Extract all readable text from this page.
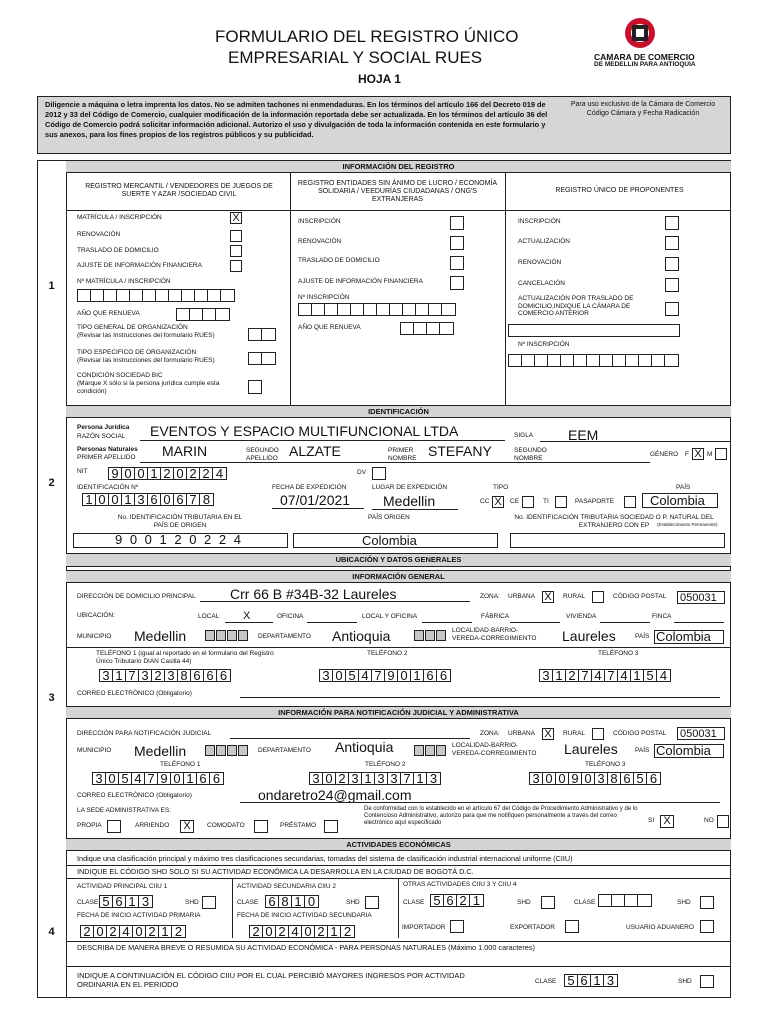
FORMULARIO DEL REGISTRO ÚNICO
EMPRESARIAL Y SOCIAL RUES
HOJA 1
CAMARA DE COMERCIO
DE MEDELLIN PARA ANTIOQUIA
Diligencie a máquina o letra imprenta los datos. No se admiten tachones ni enmendaduras. En los términos del artículo 166 del Decreto 019 de 2012 y 33 del Código de Comercio, cualquier modificación de la información reportada debe ser actualizada. En los términos del artículo 36 del Código de Comercio podrá solicitar información adicional. Autorizo el uso y divulgación de toda la información contenida en este formulario y sus anexos, para los fines propios de los registros públicos y su publicidad.
Para uso exclusivo de la Cámara de Comercio Código Cámara y Fecha Radicación
INFORMACIÓN DEL REGISTRO
1
REGISTRO MERCANTIL / VENDEDORES DE JUEGOS DE SUERTE Y AZAR /SOCIEDAD CIVIL
REGISTRO ENTIDADES SIN ÁNIMO DE LUCRO / ECONOMÍA SOLIDARIA / VEEDURÍAS CIUDADANAS / ONG'S EXTRANJERAS
REGISTRO ÚNICO DE PROPONENTES
MATRÍCULA / INSCRIPCIÓN	X
RENOVACIÓN
TRASLADO DE DOMICILIO
AJUSTE DE INFORMACIÓN FINANCIERA
Nº MATRÍCULA / INSCRIPCIÓN
AÑO QUE RENUEVA
TIPO GENERAL DE ORGANIZACIÓN
(Revisar las Instrucciones del formulario RUES)
TIPO ESPECIFICO DE ORGANIZACIÓN
(Revisar las Instrucciones del formulario RUES)
CONDICIÓN SOCIEDAD BIC
(Marque X sólo si la persona jurídica cumple esta condición)
INSCRIPCIÓN
RENOVACIÓN
TRASLADO DE DOMICILIO
AJUSTE DE INFORMACIÓN FINANCIERA
Nº INSCRIPCIÓN
AÑO QUE RENUEVA
INSCRIPCIÓN
ACTUALIZACIÓN
RENOVACIÓN
CANCELACIÓN
ACTUALIZACIÓN POR TRASLADO DE DOMICILIO,INDIQUE LA CÁMARA DE COMERCIO ANTERIOR
Nº INSCRIPCIÓN
IDENTIFICACIÓN
2
Persona Jurídica
RAZÓN SOCIAL EVENTOS Y ESPACIO MULTIFUNCIONAL LTDA	SIGLA EEM
Personas Naturales
PRIMER APELLIDO MARIN	SEGUNDO APELLIDO ALZATE	PRIMER NOMBRE STEFANY	SEGUNDO NOMBRE	GÉNERO F X M
NIT 9 0 0 1 2 0 2 2 4	DV
IDENTIFICACIÓN Nº
1 0 0 1 3 6 0 6 7 8
FECHA DE EXPEDICIÓN
07/01/2021
LUGAR DE EXPEDICIÓN
Medellin
TIPO
CC X	CE	TI	PASAPORTE
PAÍS
Colombia
No. IDENTIFICACIÓN TRIBUTARIA EN EL PAÍS DE ORIGEN
9 0 0 1 2 0 2 2 4
PAÍS ORIGEN
Colombia
No. IDENTIFICACIÓN TRIBUTARIA SOCIEDAD O P. NATURAL DEL EXTRANJERO CON EP	(Establecimiento Permanente)
UBICACIÓN Y DATOS GENERALES
3
INFORMACIÓN GENERAL
DIRECCIÓN DE DOMICILIO PRINCIPAL Crr 66 B #34B-32 Laureles	ZONA: URBANA X	RURAL	CÓDIGO POSTAL 050031
UBICACIÓN:	LOCAL X	OFICINA	LOCAL Y OFICINA	FÁBRICA	VIVIENDA	FINCA
MUNICIPIO Medellin	DEPARTAMENTO Antioquia	LOCALIDAD-BARRIO-VEREDA-CORREGIMIENTO	Laureles	PAÍS Colombia
TELÉFONO 1 (igual al reportado en el formulario del Registro Único Tributario DIAN Casilla 44)
TELÉFONO 2	TELÉFONO 3
3 1 7 3 2 3 8 6 6 6	3 0 5 4 7 9 0 1 6 6	3 1 2 7 4 7 4 1 5 4
CORREO ELECTRÓNICO (Obligatorio)
INFORMACIÓN PARA NOTIFICACIÓN JUDICIAL Y ADMINISTRATIVA
DIRECCIÓN PARA NOTIFICACIÓN JUDICIAL	ZONA: URBANA X	RURAL	CÓDIGO POSTAL 050031
MUNICIPIO Medellin	DEPARTAMENTO Antioquia	LOCALIDAD-BARRIO-VEREDA-CORREGIMIENTO	Laureles	PAÍS Colombia
TELÉFONO 1	TELÉFONO 2	TELÉFONO 3
3 0 5 4 7 9 0 1 6 6	3 0 2 3 1 3 3 7 1 3	3 0 0 9 0 3 8 6 5 6
CORREO ELECTRÓNICO (Obligatorio)	ondaretro24@gmail.com
LA SEDE ADMINISTRATIVA ES:
PROPIA	ARRIENDO	X	COMODATO	PRÉSTAMO
De conformidad con lo establecido en el artículo 67 del Código de Procedimiento Administrativo y de lo Contencioso Administrativo, autorizo para que me notifiquen personalmente a través del correo electrónico aquí especificado	SI X	NO
ACTIVIDADES ECONÓMICAS
4
Indique una clasificación principal y máximo tres clasificaciones secundarias, tomadas del sistema de clasificación industrial internacional uniforme (CIIU)
INDIQUE EL CÓDIGO SHD SOLO SI SU ACTIVIDAD ECONÓMICA LA DESARROLLA EN LA CIUDAD DE BOGOTÁ D.C.
ACTIVIDAD PRINCIPAL CIIU 1
CLASE 5 6 1 3	SHD
ACTIVIDAD SECUNDARIA CIIU 2
CLASE 6 8 1 0	SHD
OTRAS ACTIVIDADES CIIU 3 Y CIIU 4
CLASE 5 6 2 1	SHD	CLASE	SHD
FECHA DE INICIO ACTIVIDAD PRIMARIA
2 0 2 4 0 2 1 2
FECHA DE INICIO ACTIVIDAD SECUNDARIA
2 0 2 4 0 2 1 2	IMPORTADOR	EXPORTADOR	USUARIO ADUANERO
DESCRIBA DE MANERA BREVE O RESUMIDA SU ACTIVIDAD ECONÓMICA - PARA PERSONAS NATURALES (Máximo 1.000 caracteres)
INDIQUE A CONTINUACIÓN EL CÓDIGO CIIU POR EL CUAL PERCIBIÓ MAYORES INGRESOS POR ACTIVIDAD ORDINARIA EN EL PERIODO	CLASE 5 6 1 3	SHD
